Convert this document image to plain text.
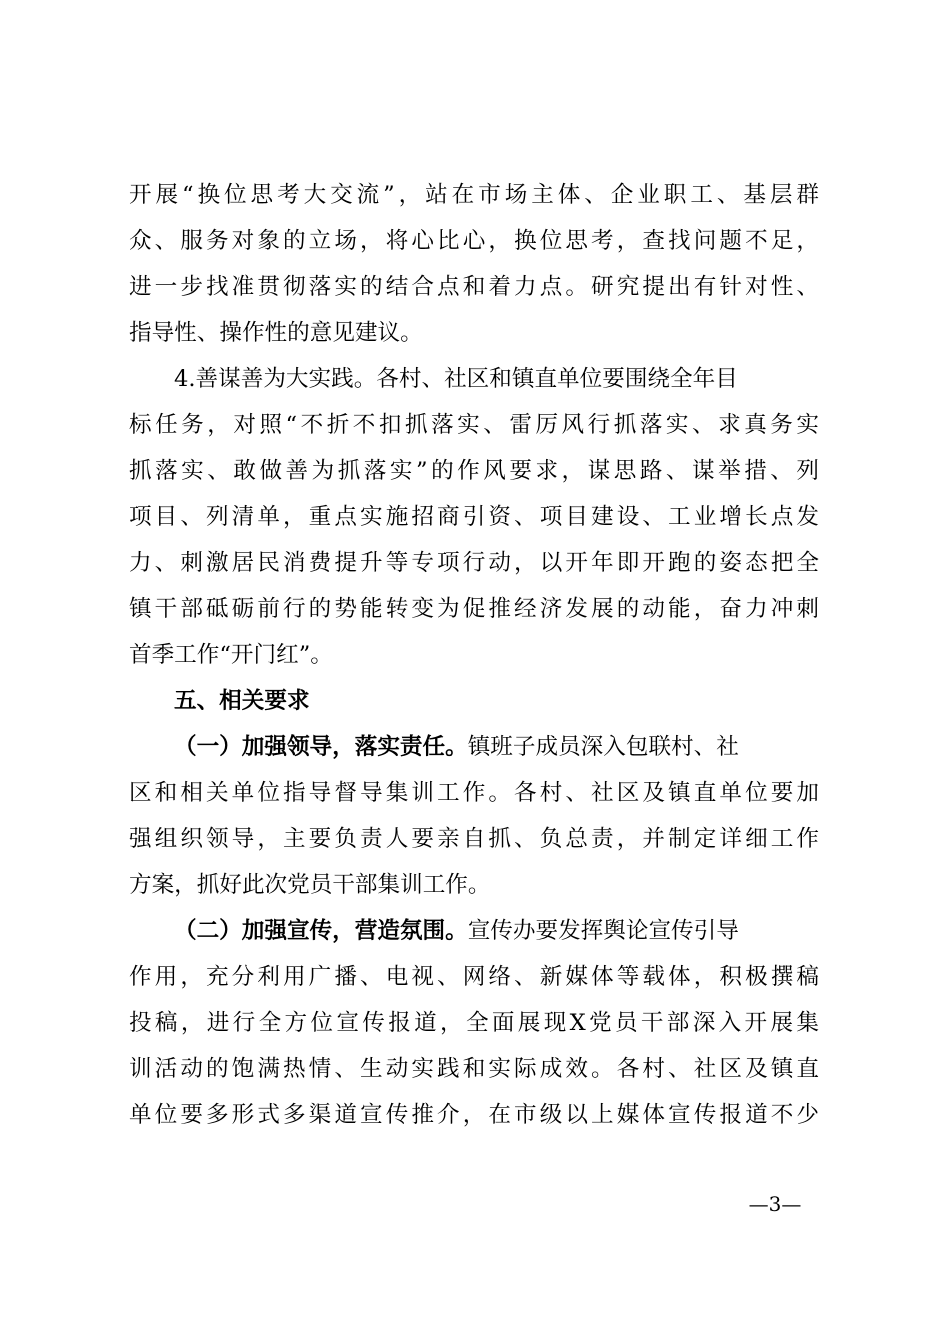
开展“换位思考大交流”，站在市场主体、企业职工、基层群
众、服务对象的立场，将心比心，换位思考，查找问题不足，
进一步找准贯彻落实的结合点和着力点。研究提出有针对性、
指导性、操作性的意见建议。
4.善谋善为大实践。各村、社区和镇直单位要围绕全年目
标任务，对照“不折不扣抓落实、雷厉风行抓落实、求真务实
抓落实、敢做善为抓落实”的作风要求，谋思路、谋举措、列
项目、列清单，重点实施招商引资、项目建设、工业增长点发
力、刺激居民消费提升等专项行动，以开年即开跑的姿态把全
镇干部砥砺前行的势能转变为促推经济发展的动能，奋力冲刺
首季工作“开门红”。
五、相关要求
（一）加强领导，落实责任。镇班子成员深入包联村、社
区和相关单位指导督导集训工作。各村、社区及镇直单位要加
强组织领导，主要负责人要亲自抓、负总责，并制定详细工作
方案，抓好此次党员干部集训工作。
（二）加强宣传，营造氛围。宣传办要发挥舆论宣传引导
作用，充分利用广播、电视、网络、新媒体等载体，积极撰稿
投稿，进行全方位宣传报道，全面展现X党员干部深入开展集
训活动的饱满热情、生动实践和实际成效。各村、社区及镇直
单位要多形式多渠道宣传推介，在市级以上媒体宣传报道不少
—3—
